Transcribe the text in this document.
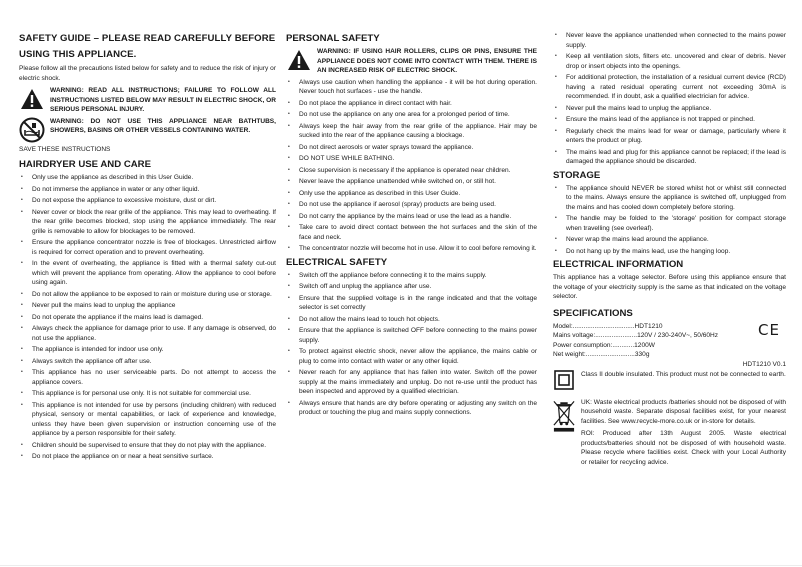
SAFETY GUIDE – PLEASE READ CAREFULLY BEFORE USING THIS APPLIANCE.

Please follow all the precautions listed below for safety and to reduce the risk of injury or electric shock.

WARNING: READ ALL INSTRUCTIONS; FAILURE TO FOLLOW ALL INSTRUCTIONS LISTED BELOW MAY RESULT IN ELECTRIC SHOCK, OR SERIOUS PERSONAL INJURY.
WARNING: DO NOT USE THIS APPLIANCE NEAR BATHTUBS, SHOWERS, BASINS OR OTHER VESSELS CONTAINING WATER.

SAVE THESE INSTRUCTIONS

HAIRDRYER USE AND CARE
• Only use the appliance as described in this User Guide.
• Do not immerse the appliance in water or any other liquid.
• Do not expose the appliance to excessive moisture, dust or dirt.
• Never cover or block the rear grille of the appliance. This may lead to overheating. If the rear grille becomes blocked, stop using the appliance immediately. The rear grille is removable to allow for blockages to be removed.
• Ensure the appliance concentrator nozzle is free of blockages. Unrestricted airflow is required for correct operation and to prevent overheating.
• In the event of overheating, the appliance is fitted with a thermal safety cut-out which will prevent the appliance from operating. Allow the appliance to cool before using again.
• Do not allow the appliance to be exposed to rain or moisture during use or storage.
• Never pull the mains lead to unplug the appliance
• Do not operate the appliance if the mains lead is damaged.
• Always check the appliance for damage prior to use. If any damage is observed, do not use the appliance.
• The appliance is intended for indoor use only.
• Always switch the appliance off after use.
• This appliance has no user serviceable parts. Do not attempt to access the appliance covers.
• This appliance is for personal use only. It is not suitable for commercial use.
• This appliance is not intended for use by persons (including children) with reduced physical, sensory or mental capabilities, or lack of experience and knowledge, unless they have been given supervision or instruction concerning use of the appliance by a person responsible for their safety.
• Children should be supervised to ensure that they do not play with the appliance.
• Do not place the appliance on or near a heat sensitive surface.
PERSONAL SAFETY
WARNING: IF USING HAIR ROLLERS, CLIPS OR PINS, ENSURE THE APPLIANCE DOES NOT COME INTO CONTACT WITH THEM. THERE IS AN INCREASED RISK OF ELECTRIC SHOCK.
• Always use caution when handling the appliance - it will be hot during operation. Never touch hot surfaces - use the handle.
• Do not place the appliance in direct contact with hair.
• Do not use the appliance on any one area for a prolonged period of time.
• Always keep the hair away from the rear grille of the appliance. Hair may be sucked into the rear of the appliance causing a blockage.
• Do not direct aerosols or water sprays toward the appliance.
• DO NOT USE WHILE BATHING.
• Close supervision is necessary if the appliance is operated near children.
• Never leave the appliance unattended while switched on, or still hot.
• Only use the appliance as described in this User Guide.
• Do not use the appliance if aerosol (spray) products are being used.
• Do not carry the appliance by the mains lead or use the lead as a handle.
• Take care to avoid direct contact between the hot surfaces and the skin of the face and neck.
• The concentrator nozzle will become hot in use. Allow it to cool before removing it.
ELECTRICAL SAFETY
• Switch off the appliance before connecting it to the mains supply.
• Switch off and unplug the appliance after use.
• Ensure that the supplied voltage is in the range indicated and that the voltage selector is set correctly
• Do not allow the mains lead to touch hot objects.
• Ensure that the appliance is switched OFF before connecting to the mains power supply.
• To protect against electric shock, never allow the appliance, the mains cable or plug to come into contact with water or any other liquid.
• Never reach for any appliance that has fallen into water. Switch off the power supply at the mains immediately and unplug. Do not re-use until the product has been inspected and approved by a qualified electrician.
• Always ensure that hands are dry before operating or adjusting any switch on the product or touching the plug and mains supply connections.
• Never leave the appliance unattended when connected to the mains power supply.
• Keep all ventilation slots, filters etc. uncovered and clear of debris. Never drop or insert objects into the openings.
• For additional protection, the installation of a residual current device (RCD) having a rated residual operating current not exceeding 30mA is recommended. If in doubt, ask a qualified electrician for advice.
• Never pull the mains lead to unplug the appliance.
• Ensure the mains lead of the appliance is not trapped or pinched.
• Regularly check the mains lead for wear or damage, particularly where it enters the product or plug.
• The mains lead and plug for this appliance cannot be replaced; if the lead is damaged the appliance should be discarded.
STORAGE
• The appliance should NEVER be stored whilst hot or whilst still connected to the mains. Always ensure the appliance is switched off, unplugged from the mains and has cooled down completely before storing.
• The handle may be folded to the 'storage' position for compact storage when travelling (see overleaf).
• Never wrap the mains lead around the appliance.
• Do not hang up by the mains lead, use the hanging loop.
ELECTRICAL INFORMATION

This appliance has a voltage selector. Before using this appliance ensure that the voltage of your electricity supply is the same as that indicated on the voltage selector.

SPECIFICATIONS
Model: .................................. HDT1210
Mains voltage: ....................... 120V / 230-240V~, 50/60Hz
Power consumption: ............ 1200W
Net weight: ........................... 330g
CE
HDT1210 V0.1
Class II double insulated. This product must not be connected to earth.

UK: Waste electrical products /batteries should not be disposed of with household waste. Separate disposal facilities exist, for your nearest facilities. See www.recycle-more.co.uk or in-store for details.

ROI: Produced after 13th August 2005. Waste electrical products/batteries should not be disposed of with household waste. Please recycle where facilities exist. Check with your Local Authority or retailer for recycling advice.
